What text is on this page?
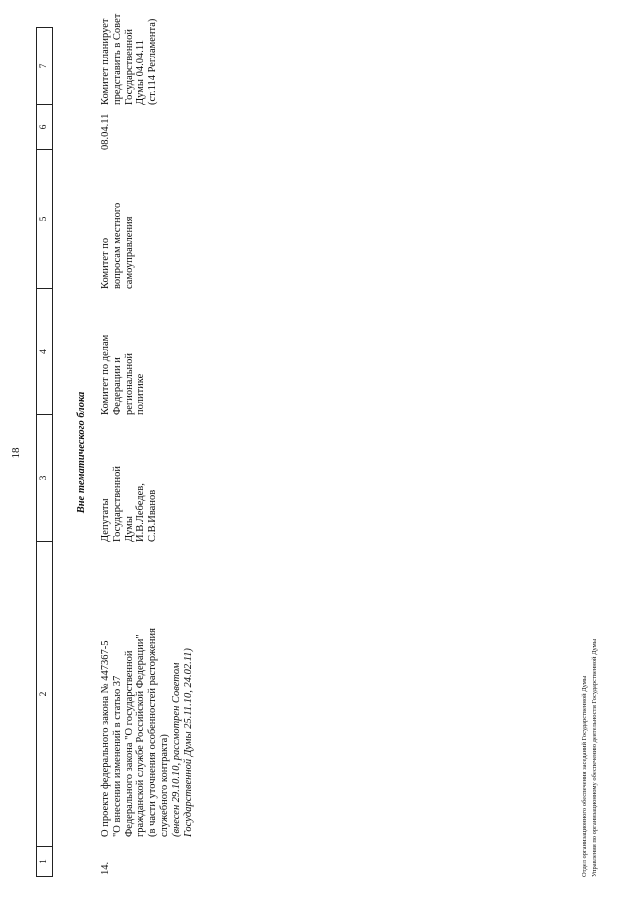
18
1
2
3
4
5
6
7
Вне тематического блока
14.
О проекте федерального закона № 447367-5 "О внесении изменений в статью 37 Федерального закона "О государственной гражданской службе Российской Федерации" (в части уточнения особенностей расторжения служебного контракта) (внесен 29.10.10, рассмотрен Советом Государственной Думы 25.11.10, 24.02.11)
Депутаты Государственной Думы И.В.Лебедев, С.В.Иванов
Комитет по делам Федерации и региональной политике
Комитет по вопросам местного самоуправления
08.04.11
Комитет планирует представить в Совет Государственной Думы 04.04.11 (ст.114 Регламента)
Отдел организационного обеспечения заседаний Государственной Думы Управления по организационному обеспечению деятельности Государственной Думы
